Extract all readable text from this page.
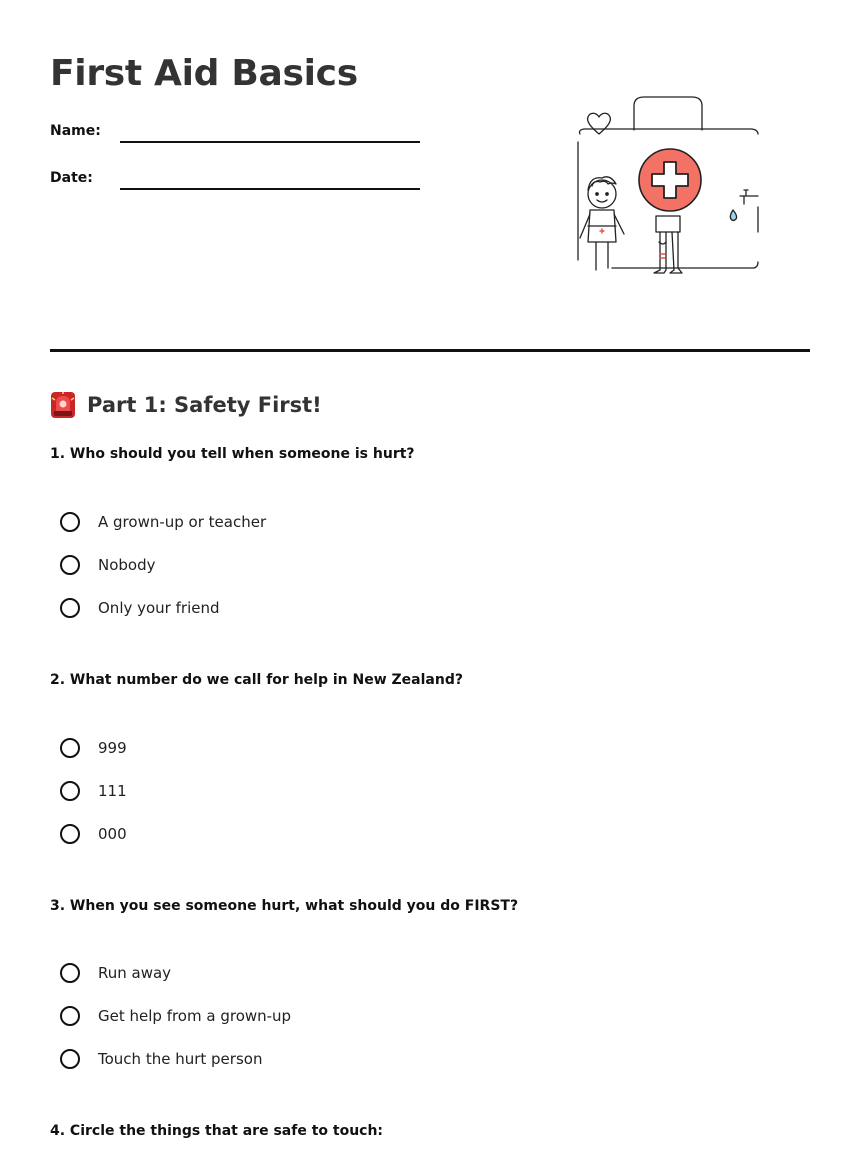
First Aid Basics
Name:
Date:
Part 1: Safety First!
1. Who should you tell when someone is hurt?
A grown-up or teacher
Nobody
Only your friend
2. What number do we call for help in New Zealand?
999
111
000
3. When you see someone hurt, what should you do FIRST?
Run away
Get help from a grown-up
Touch the hurt person
4. Circle the things that are safe to touch:
